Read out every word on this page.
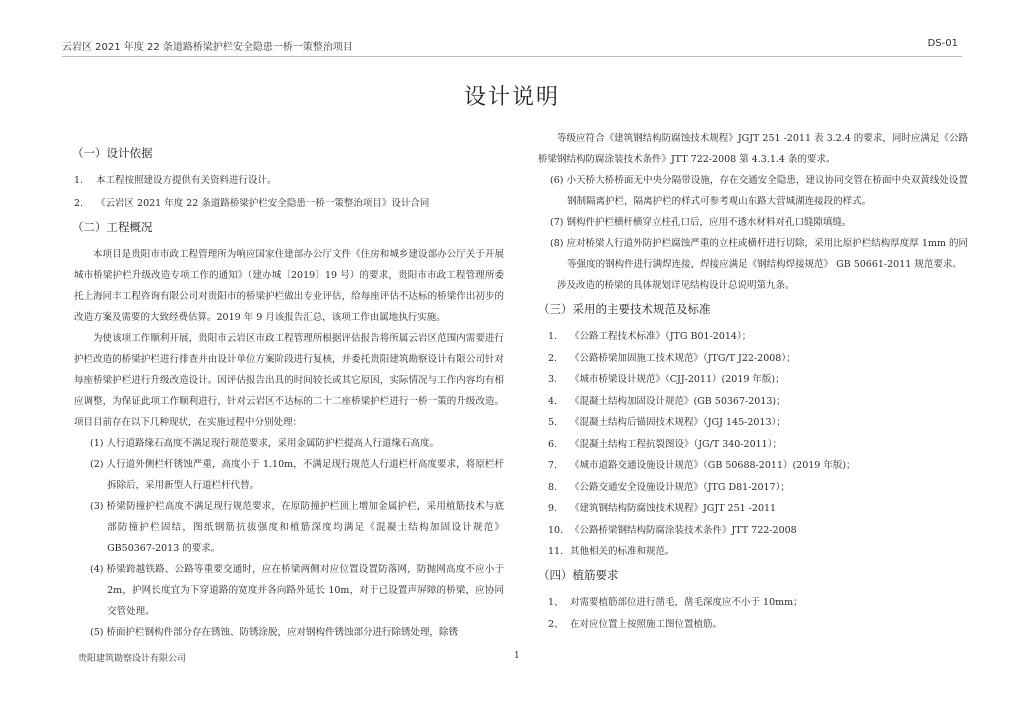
云岩区 2021 年度 22 条道路桥梁护栏安全隐患一桥一策整治项目	DS-01
设计说明
（一）设计依据
1.	本工程按照建设方提供有关资料进行设计。
2.	《云岩区 2021 年度 22 条道路桥梁护栏安全隐患一桥一策整治项目》设计合同
（二）工程概况
本项目是贵阳市市政工程管理所为响应国家住建部办公厅文件《住房和城乡建设部办公厅关于开展城市桥梁护栏升级改造专项工作的通知》（建办城〔2019〕19 号）的要求，贵阳市市政工程管理所委托上海同丰工程咨询有限公司对贵阳市的桥梁护栏做出专业评估，给每座评估不达标的桥梁作出初步的改造方案及需要的大致经费估算。2019 年 9 月该报告汇总，该项工作由属地执行实施。
为使该项工作顺利开展，贵阳市云岩区市政工程管理所根据评估报告将所属云岩区范围内需要进行护栏改造的桥梁护栏进行排查并由设计单位方案阶段进行复核，并委托贵阳建筑勘察设计有限公司针对每座桥梁护栏进行升级改造设计。因评估报告出具的时间较长或其它原因，实际情况与工作内容均有相应调整，为保证此项工作顺利进行，针对云岩区不达标的二十二座桥梁护栏进行一桥一策的升级改造。项目目前存在以下几种现状，在实施过程中分别处理：
(1) 人行道路缘石高度不满足现行规范要求，采用金属防护栏提高人行道缘石高度。
(2) 人行道外侧栏杆锈蚀严重，高度小于 1.10m，不满足现行规范人行道栏杆高度要求，将原栏杆拆除后，采用新型人行道栏杆代替。
(3) 桥梁防撞护栏高度不满足现行规范要求，在原防撞护栏顶上增加金属护栏，采用植筋技术与底部防撞护栏固结，图纸钢筋抗拔强度和植筋深度均满足《混凝土结构加固设计规范》GB50367-2013 的要求。
(4) 桥梁跨越铁路、公路等重要交通时，应在桥梁两侧对应位置设置防落网，防抛网高度不应小于 2m，护网长度宜为下穿道路的宽度并各向路外延长 10m，对于已设置声屏障的桥梁，应协同交管处理。
(5) 桥面护栏钢构件部分存在锈蚀、防锈涂脱，应对钢构件锈蚀部分进行除锈处理，除锈
等级应符合《建筑钢结构防腐蚀技术规程》JGJT 251 -2011 表 3.2.4 的要求，同时应满足《公路桥梁钢结构防腐涂装技术条件》JTT 722-2008 第 4.3.1.4 条的要求。
(6) 小天桥大桥桥面无中央分隔带设施，存在交通安全隐患，建议协同交管在桥面中央双黄线处设置钢制隔离护栏，隔离护栏的样式可参考观山东路大营城湖连接段的样式。
(7) 钢构件护栏横杆横穿立柱孔口后，应用不透水材料对孔口缝隙填缝。
(8) 应对桥梁人行道外防护栏腐蚀严重的立柱或横杆进行切除，采用比原护栏结构厚度厚 1mm 的同等强度的钢构件进行满焊连接，焊接应满足《钢结构焊接规范》 GB 50661-2011 规范要求。
涉及改造的桥梁的具体规划详见结构设计总说明第九条。
（三）采用的主要技术规范及标准
1.	《公路工程技术标准》（JTG B01-2014）；
2.	《公路桥梁加固施工技术规范》（JTG/T J22-2008）；
3.	《城市桥梁设计规范》（CJJ-2011）(2019 年版)；
4.	《混凝土结构加固设计规范》(GB 50367-2013)；
5.	《混凝土结构后锚固技术规程》（JGJ 145-2013）；
6.	《混凝土结构工程抗裂图设》（JG/T 340-2011）；
7.	《城市道路交通设施设计规范》（GB 50688-2011）(2019 年版)；
8.	《公路交通安全设施设计规范》（JTG D81-2017）；
9.	《建筑钢结构防腐蚀技术规程》JGJT 251 -2011
10. 《公路桥梁钢结构防腐涂装技术条件》JTT 722-2008
11. 其他相关的标准和规范。
（四）植筋要求
1、 对需要植筋部位进行凿毛，凿毛深度应不小于 10mm；
2、 在对应位置上按照施工图位置植筋。
贵阳建筑勘察设计有限公司	1
